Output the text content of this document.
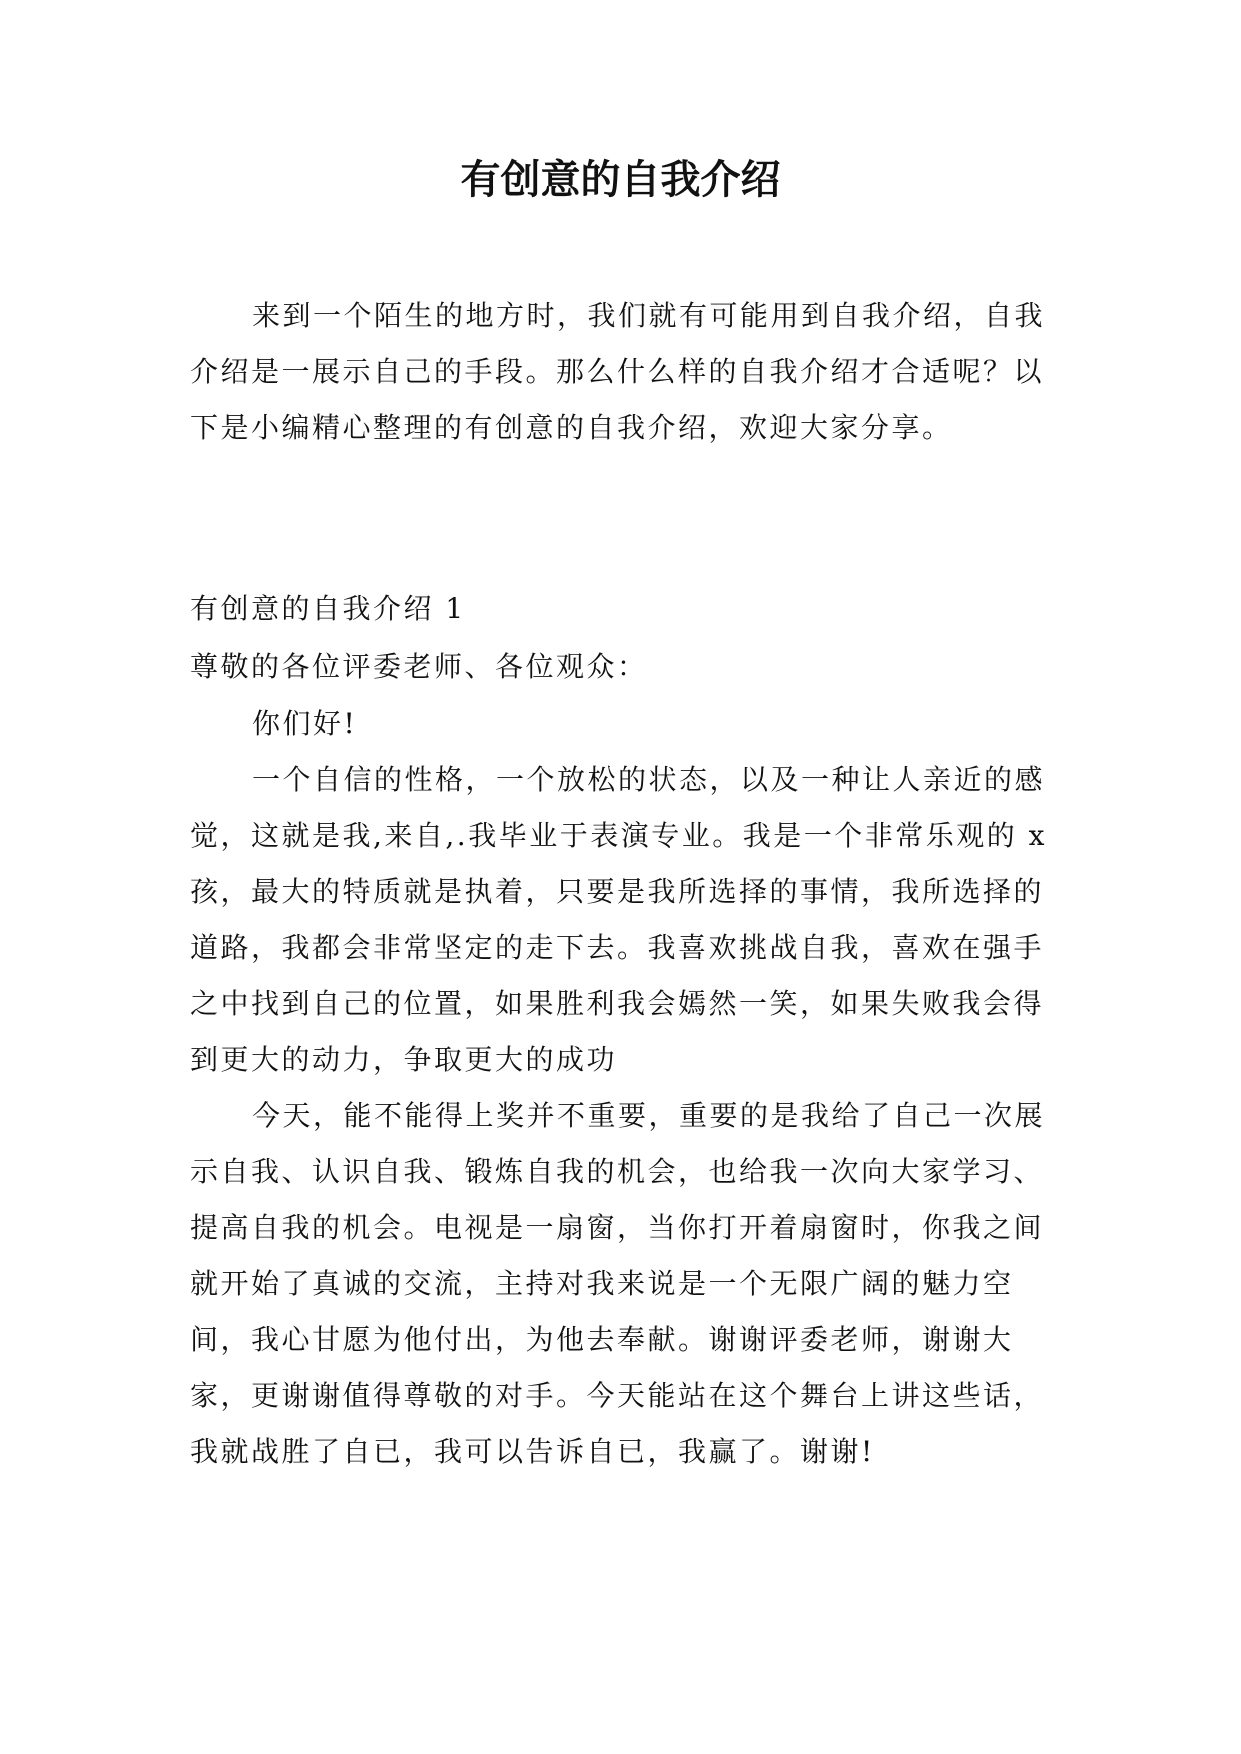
有创意的自我介绍

来到一个陌生的地方时，我们就有可能用到自我介绍，自我介绍是一展示自己的手段。那么什么样的自我介绍才合适呢？以下是小编精心整理的有创意的自我介绍，欢迎大家分享。

有创意的自我介绍 1

尊敬的各位评委老师、各位观众：

你们好!

一个自信的性格，一个放松的状态，以及一种让人亲近的感觉，这就是我,来自,.我毕业于表演专业。我是一个非常乐观的 x 孩，最大的特质就是执着，只要是我所选择的事情，我所选择的道路，我都会非常坚定的走下去。我喜欢挑战自我，喜欢在强手之中找到自己的位置，如果胜利我会嫣然一笑，如果失败我会得到更大的动力，争取更大的成功

今天，能不能得上奖并不重要，重要的是我给了自己一次展示自我、认识自我、锻炼自我的机会，也给我一次向大家学习、提高自我的机会。电视是一扇窗，当你打开着扇窗时，你我之间就开始了真诚的交流，主持对我来说是一个无限广阔的魅力空间，我心甘愿为他付出，为他去奉献。谢谢评委老师，谢谢大家，更谢谢值得尊敬的对手。今天能站在这个舞台上讲这些话，我就战胜了自已，我可以告诉自已，我赢了。谢谢!
